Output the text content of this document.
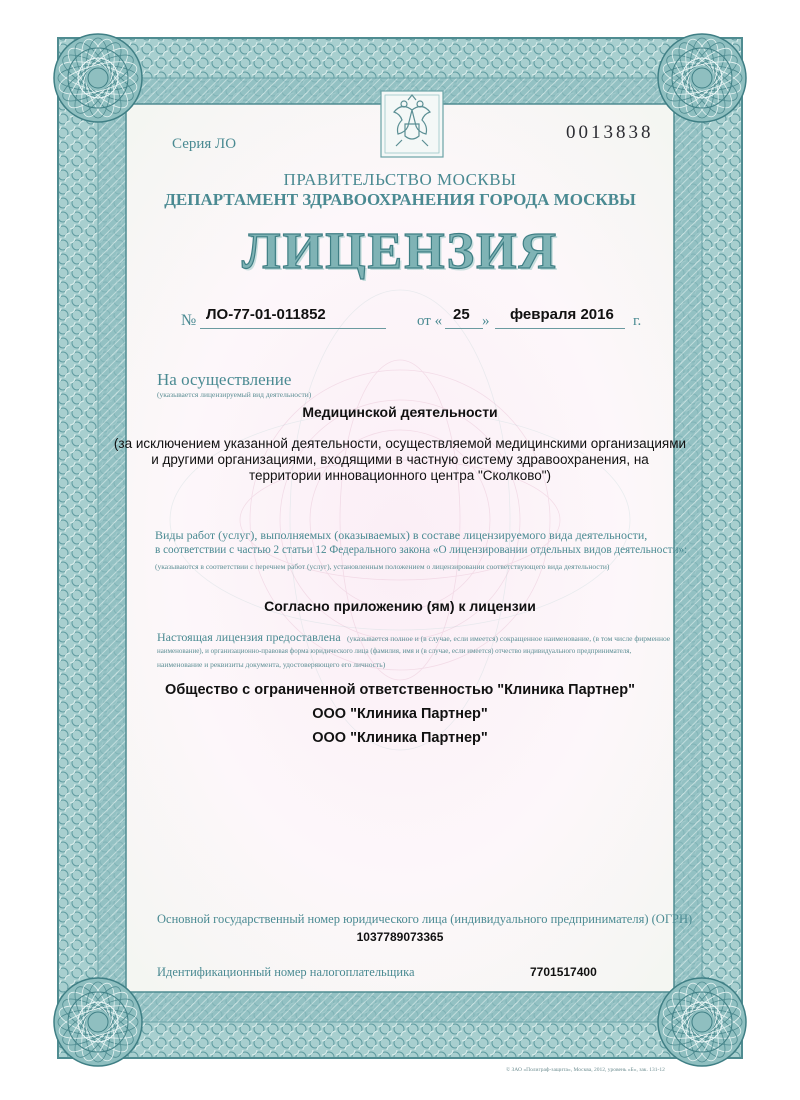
Серия ЛО

0013838

ПРАВИТЕЛЬСТВО МОСКВЫ

ДЕПАРТАМЕНТ ЗДРАВООХРАНЕНИЯ ГОРОДА МОСКВЫ

ЛИЦЕНЗИЯ

№ ЛО-77-01-011852	от « 25 » февраля 2016 г.

На осуществление

(указывается лицензируемый вид деятельности)

Медицинской деятельности

(за исключением указанной деятельности, осуществляемой медицинскими организациями

и другими организациями, входящими в частную систему здравоохранения, на

территории инновационного центра "Сколково")

Виды работ (услуг), выполняемых (оказываемых) в составе лицензируемого вида деятельности,

в соответствии с частью 2 статьи 12 Федерального закона «О лицензировании отдельных видов деятельности»:

(указываются в соответствии с перечнем работ (услуг), установленным положением о лицензировании соответствующего вида деятельности)

Согласно приложению (ям) к лицензии

Настоящая лицензия предоставлена (указывается полное и (в случае, если имеется) сокращенное наименование, (в том числе фирменное

наименование), и организационно-правовая форма юридического лица (фамилия, имя и (в случае, если имеется) отчество индивидуального предпринимателя,

наименование и реквизиты документа, удостоверяющего его личность)

Общество с ограниченной ответственностью "Клиника Партнер"

ООО "Клиника Партнер"

ООО "Клиника Партнер"

Основной государственный номер юридического лица (индивидуального предпринимателя) (ОГРН)

1037789073365

Идентификационный номер налогоплательщика	7701517400

© ЗАО «Полиграф-защита», Москва, 2012, уровень «Б», зак. 131-12
